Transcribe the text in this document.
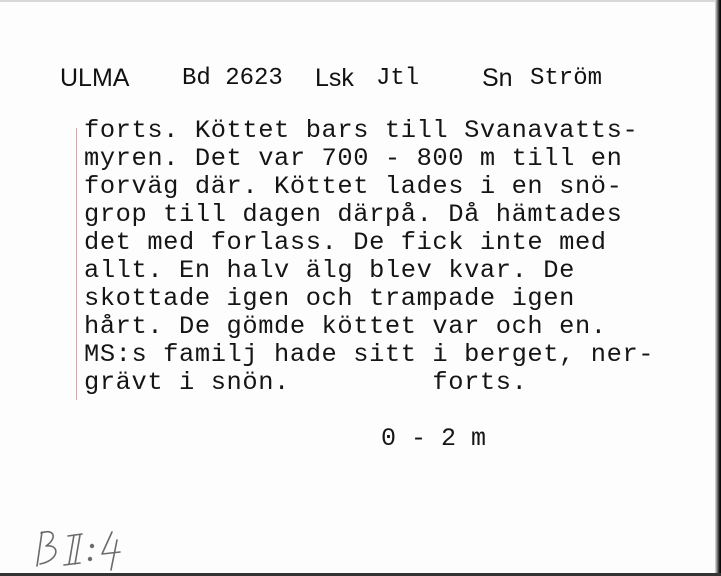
ULMA Bd 2623 Lsk Jtl	Sn Ström
forts. Köttet bars till Svanavatts-
myren. Det var 700 - 800 m till en
forväg där. Köttet lades i en snö-
grop till dagen därpå. Då hämtades
det med forlass. De fick inte med
allt. En halv älg blev kvar. De
skottade igen och trampade igen
hårt. De gömde köttet var och en.
MS:s familj hade sitt i berget, ner-
grävt i snön.         forts.
0 - 2 m
